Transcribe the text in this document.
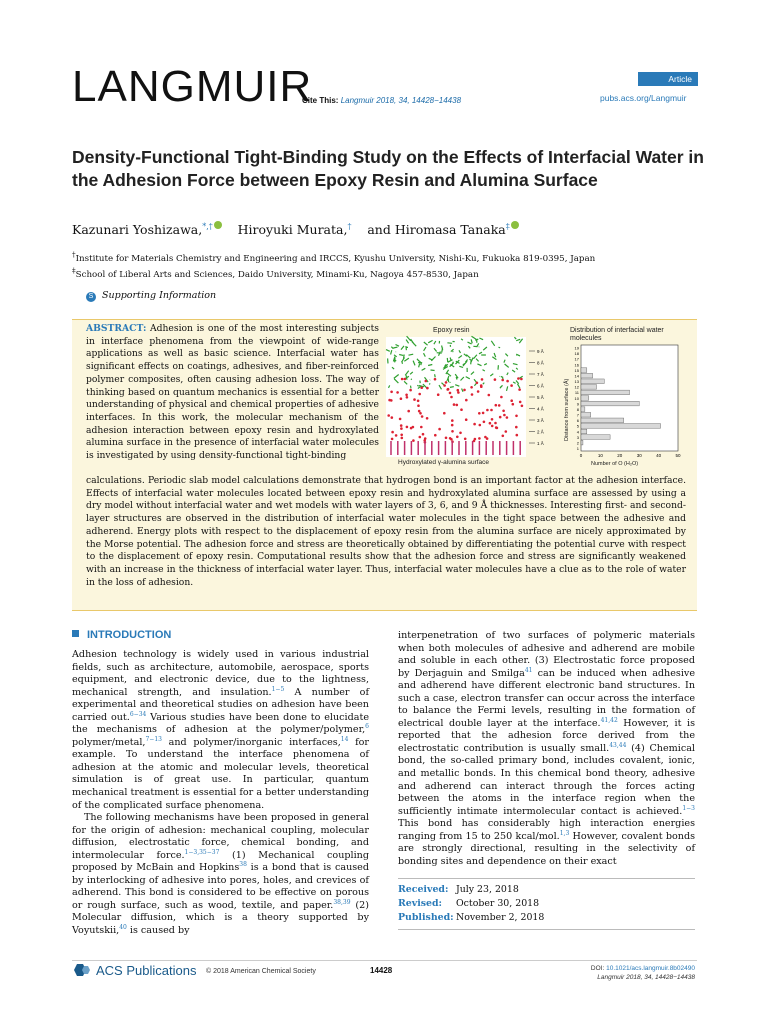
LANGMUIR
Cite This: Langmuir 2018, 34, 14428−14438
Article
pubs.acs.org/Langmuir
Density-Functional Tight-Binding Study on the Effects of Interfacial Water in the Adhesion Force between Epoxy Resin and Alumina Surface
Kazunari Yoshizawa,*,† Hiroyuki Murata,† and Hiromasa Tanaka‡
†Institute for Materials Chemistry and Engineering and IRCCS, Kyushu University, Nishi-Ku, Fukuoka 819-0395, Japan
‡School of Liberal Arts and Sciences, Daido University, Minami-Ku, Nagoya 457-8530, Japan
S Supporting Information
ABSTRACT: Adhesion is one of the most interesting subjects in interface phenomena from the viewpoint of wide-range applications as well as basic science. Interfacial water has significant effects on coatings, adhesives, and fiber-reinforced polymer composites, often causing adhesion loss. The way of thinking based on quantum mechanics is essential for a better understanding of physical and chemical properties of adhesive interfaces. In this work, the molecular mechanism of the adhesion interaction between epoxy resin and hydroxylated alumina surface in the presence of interfacial water molecules is investigated by using density-functional tight-binding
Epoxy resin
9 Å
8 Å
7 Å
6 Å
5 Å
4 Å
3 Å
2 Å
1 Å
Hydroxylated γ-alumina surface
Distribution of interfacial water
molecules
1
2
3
4
5
6
7
8
9
10
11
12
13
14
15
16
17
18
19
0	10	20	30	40	50
Number of O (H₂O)
Distance from surface (Å)
calculations. Periodic slab model calculations demonstrate that hydrogen bond is an important factor at the adhesion interface. Effects of interfacial water molecules located between epoxy resin and hydroxylated alumina surface are assessed by using a dry model without interfacial water and wet models with water layers of 3, 6, and 9 Å thicknesses. Interesting first- and second-layer structures are observed in the distribution of interfacial water molecules in the tight space between the adhesive and adherend. Energy plots with respect to the displacement of epoxy resin from the alumina surface are nicely approximated by the Morse potential. The adhesion force and stress are theoretically obtained by differentiating the potential curve with respect to the displacement of epoxy resin. Computational results show that the adhesion force and stress are significantly weakened with an increase in the thickness of interfacial water layer. Thus, interfacial water molecules have a clue as to the role of water in the loss of adhesion.
INTRODUCTION

Adhesion technology is widely used in various industrial fields, such as architecture, automobile, aerospace, sports equipment, and electronic device, due to the lightness, mechanical strength, and insulation.$^{1-5}$ A number of experimental and theoretical studies on adhesion have been carried out.$^{6-34}$ Various studies have been done to elucidate the mechanisms of adhesion at the polymer/polymer,$^6$ polymer/metal,$^{7-13}$ and polymer/inorganic interfaces,$^{14}$ for example. To understand the interface phenomena of adhesion at the atomic and molecular levels, theoretical simulation is of great use. In particular, quantum mechanical treatment is essential for a better understanding of the complicated surface phenomena.

The following mechanisms have been proposed in general for the origin of adhesion: mechanical coupling, molecular diffusion, electrostatic force, chemical bonding, and intermolecular force.$^{1-3,35-37}$ (1) Mechanical coupling proposed by McBain and Hopkins$^{38}$ is a bond that is caused by interlocking of adhesive into pores, holes, and crevices of adherend. This bond is considered to be effective on porous or rough surface, such as wood, textile, and paper.$^{38,39}$ (2) Molecular diffusion, which is a theory supported by Voyutskii,$^{40}$ is caused by

interpenetration of two surfaces of polymeric materials when both molecules of adhesive and adherend are mobile and soluble in each other. (3) Electrostatic force proposed by Derjaguin and Smilga$^{41}$ can be induced when adhesive and adherend have different electronic band structures. In such a case, electron transfer can occur across the interface to balance the Fermi levels, resulting in the formation of electrical double layer at the interface.$^{41,42}$ However, it is reported that the adhesion force derived from the electrostatic contribution is usually small.$^{43,44}$ (4) Chemical bond, the so-called primary bond, includes covalent, ionic, and metallic bonds. In this chemical bond theory, adhesive and adherend can interact through the forces acting between the atoms in the interface region when the sufficiently intimate intermolecular contact is achieved.$^{1-3}$ This bond has considerably high interaction energies ranging from 15 to 250 kcal/mol.$^{1,3}$ However, covalent bonds are strongly directional, resulting in the selectivity of bonding sites and dependence on their exact

Received: July 23, 2018
Revised: October 30, 2018
Published: November 2, 2018
ACS Publications © 2018 American Chemical Society	14428	DOI: 10.1021/acs.langmuir.8b02490
Langmuir 2018, 34, 14428−14438
